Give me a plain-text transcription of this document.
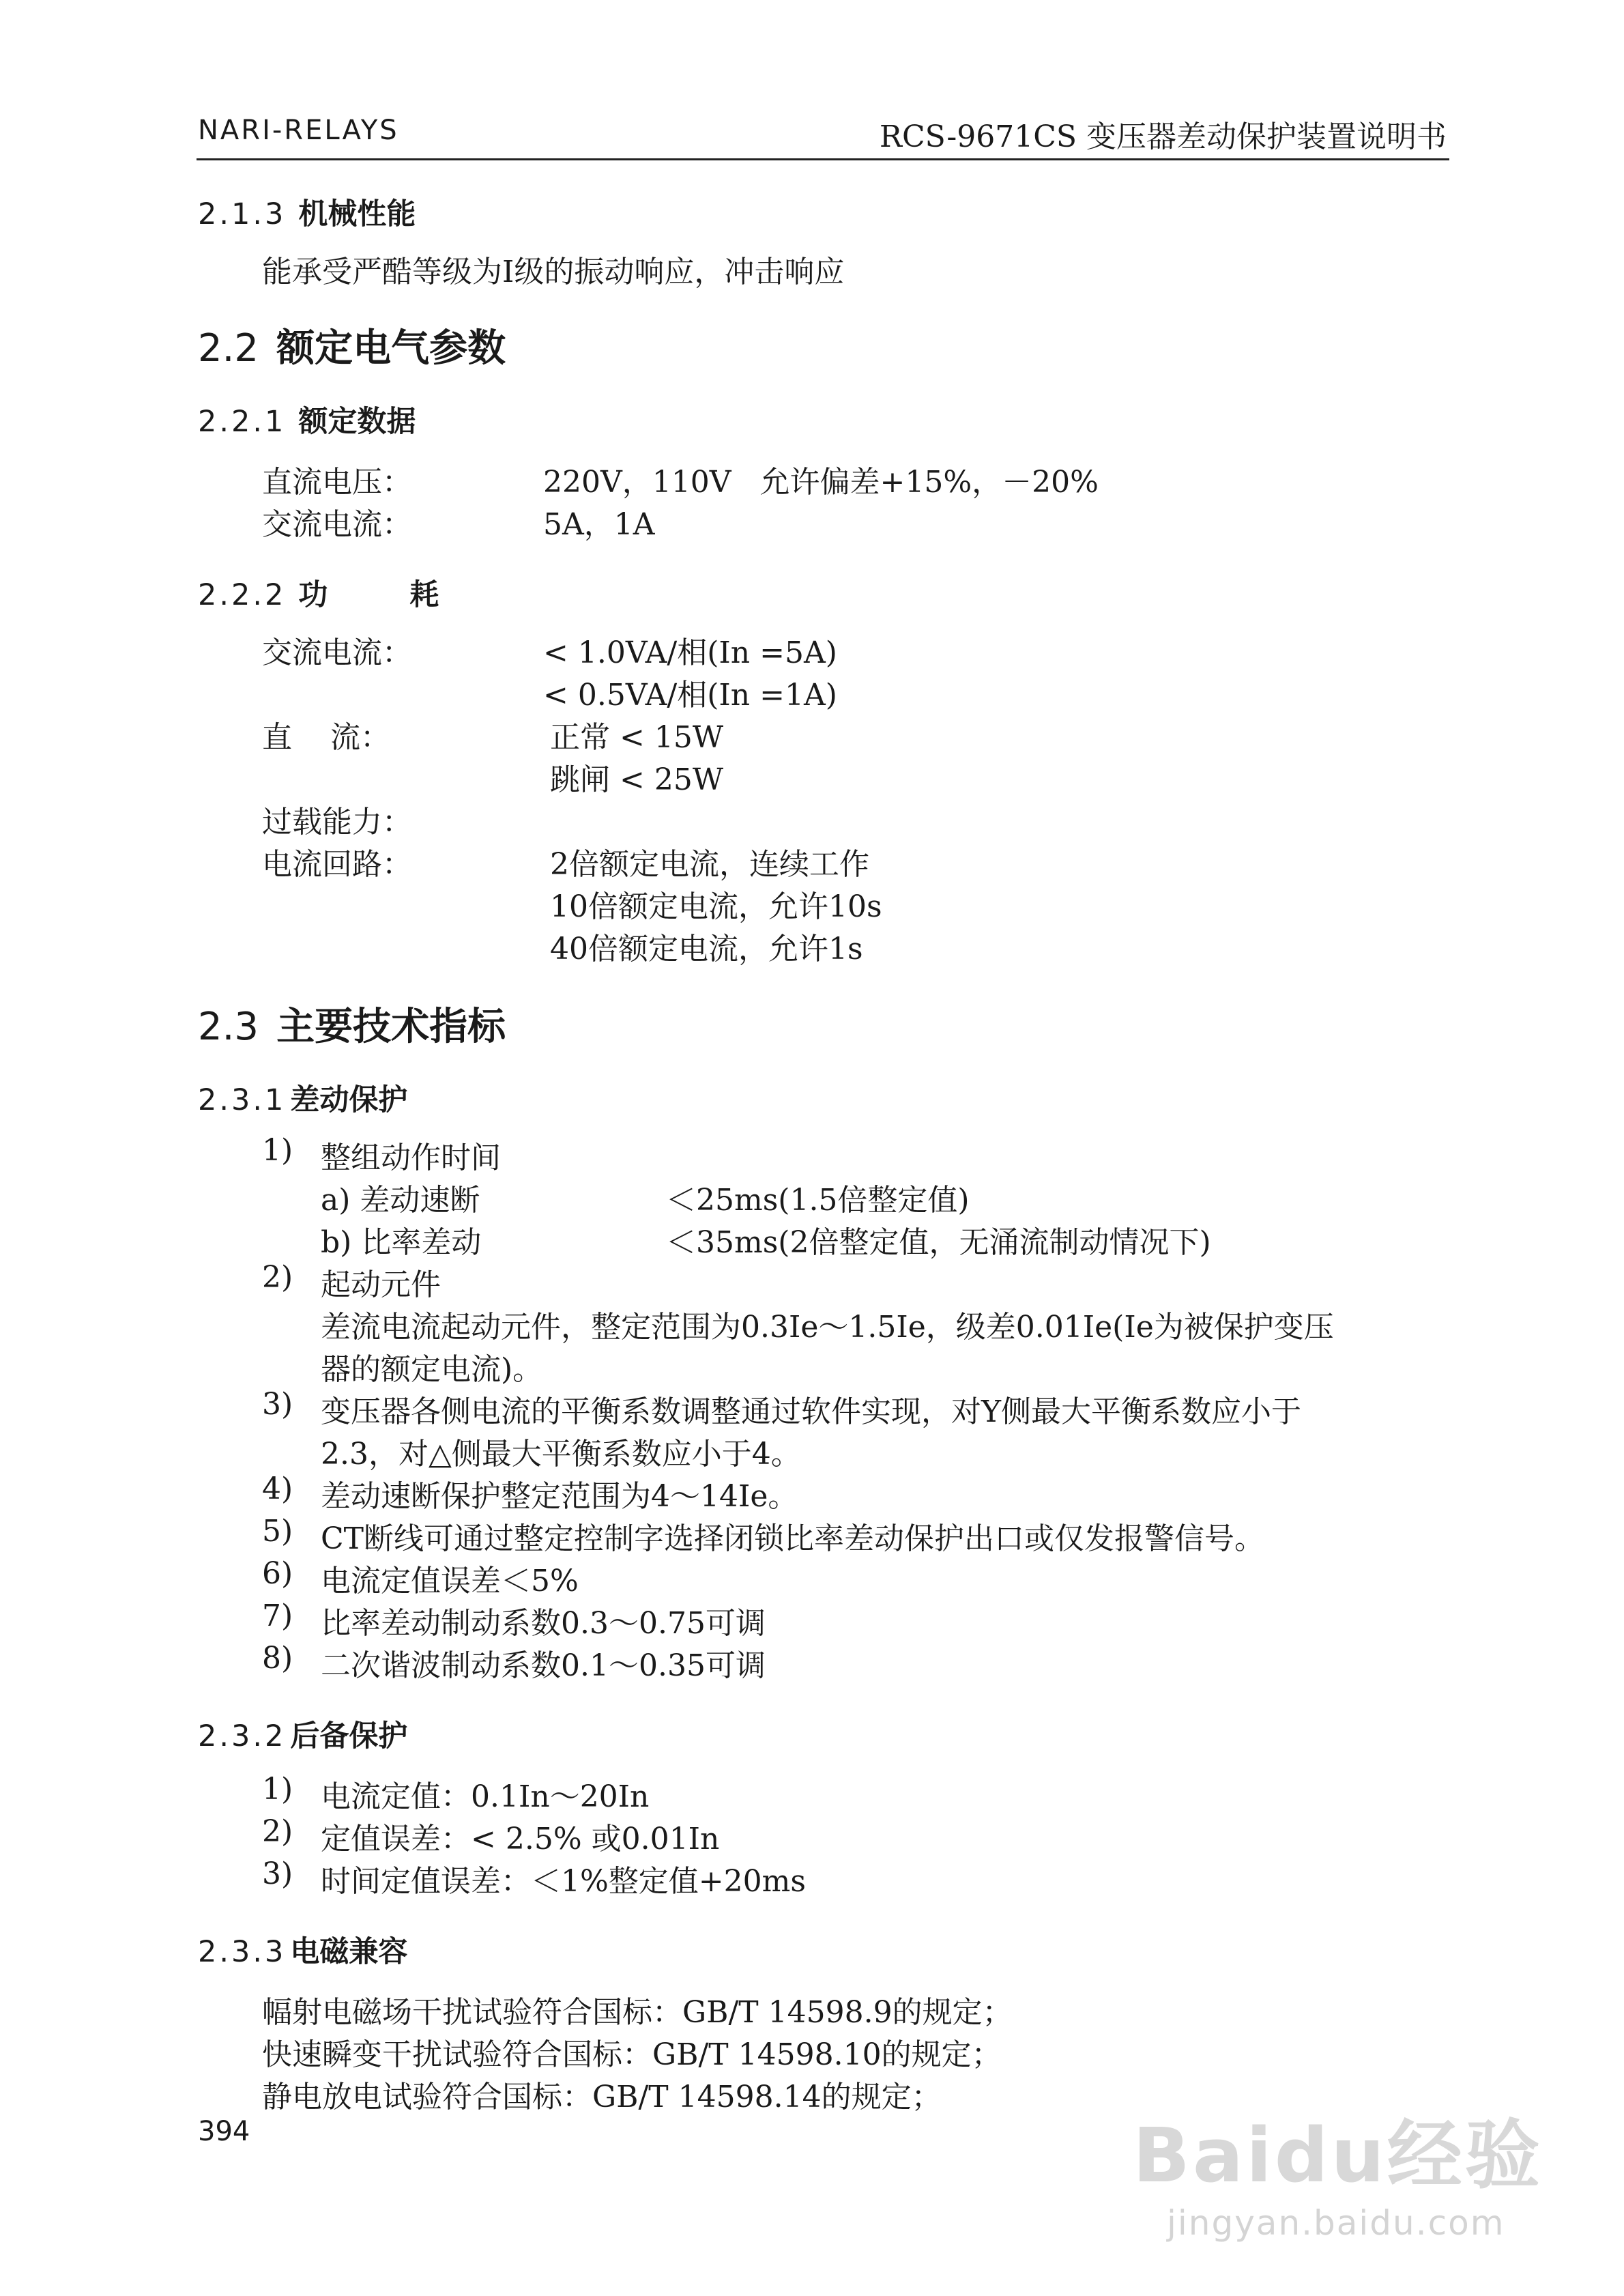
NARI-RELAYS	RCS-9671CS 变压器差动保护装置说明书
2.1.3 机械性能
能承受严酷等级为Ⅰ级的振动响应，冲击响应
2.2 额定电气参数
2.2.1 额定数据
直流电压：	220V，110V   允许偏差+15%，－20%
交流电流：	5A，1A
2.2.2 功	耗
交流电流：	< 1.0VA/相(In =5A)
< 0.5VA/相(In =1A)
直    流：	正常 < 15W
跳闸 < 25W
过载能力：
电流回路：	2倍额定电流，连续工作
10倍额定电流，允许10s
40倍额定电流，允许1s
2.3 主要技术指标
2.3.1 差动保护
1) 整组动作时间
a) 差动速断	＜25ms(1.5倍整定值)
b) 比率差动	＜35ms(2倍整定值，无涌流制动情况下)
2) 起动元件
差流电流起动元件，整定范围为0.3Ie～1.5Ie，级差0.01Ie(Ie为被保护变压
器的额定电流)。
3) 变压器各侧电流的平衡系数调整通过软件实现，对Y侧最大平衡系数应小于
2.3，对△侧最大平衡系数应小于4。
4) 差动速断保护整定范围为4～14Ie。
5) CT断线可通过整定控制字选择闭锁比率差动保护出口或仅发报警信号。
6) 电流定值误差＜5%
7) 比率差动制动系数0.3～0.75可调
8) 二次谐波制动系数0.1～0.35可调
2.3.2 后备保护
1) 电流定值：0.1In～20In
2) 定值误差：< 2.5% 或0.01In
3) 时间定值误差：＜1%整定值+20ms
2.3.3 电磁兼容
幅射电磁场干扰试验符合国标：GB/T 14598.9的规定；
快速瞬变干扰试验符合国标：GB/T 14598.10的规定；
静电放电试验符合国标：GB/T 14598.14的规定；
394	Baidu经验
jingyan.baidu.com
